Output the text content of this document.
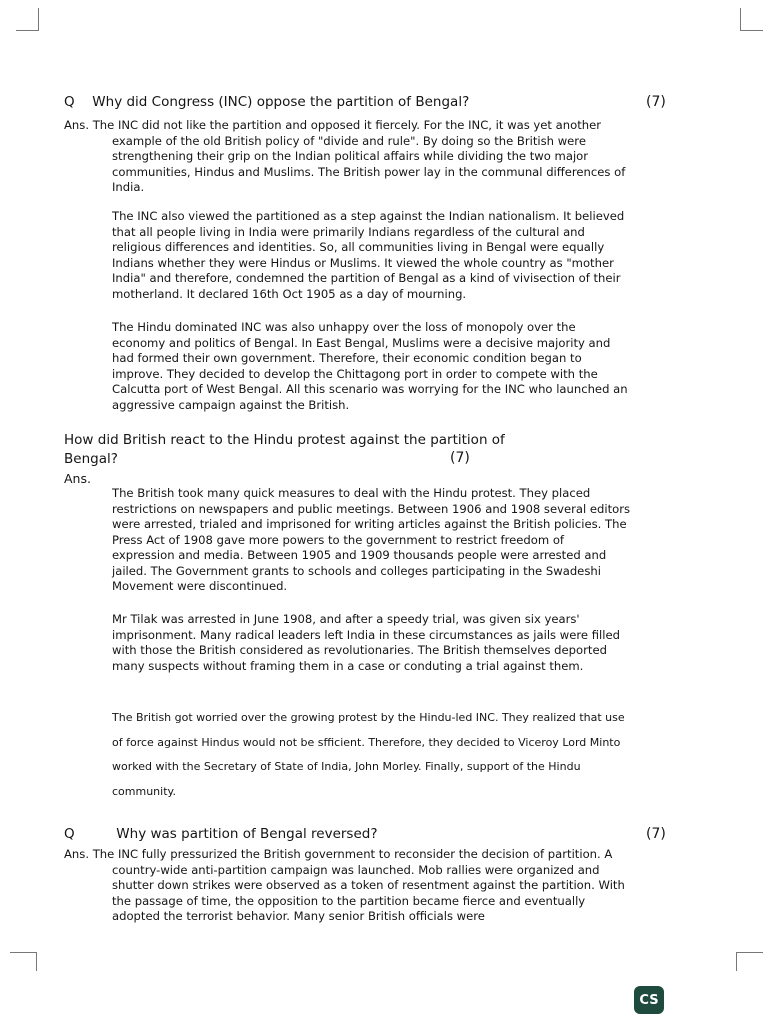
Q Why did Congress (INC) oppose the partition of Bengal?	(7)

Ans. The INC did not like the partition and opposed it fiercely. For the INC, it was yet another example of the old British policy of "divide and rule". By doing so the British were strengthening their grip on the Indian political affairs while dividing the two major communities, Hindus and Muslims. The British power lay in the communal differences of India.

The INC also viewed the partitioned as a step against the Indian nationalism. It believed that all people living in India were primarily Indians regardless of the cultural and religious differences and identities. So, all communities living in Bengal were equally Indians whether they were Hindus or Muslims. It viewed the whole country as "mother India" and therefore, condemned the partition of Bengal as a kind of vivisection of their motherland. It declared 16th Oct 1905 as a day of mourning.

The Hindu dominated INC was also unhappy over the loss of monopoly over the economy and politics of Bengal. In East Bengal, Muslims were a decisive majority and had formed their own government. Therefore, their economic condition began to improve. They decided to develop the Chittagong port in order to compete with the Calcutta port of West Bengal. All this scenario was worrying for the INC who launched an aggressive campaign against the British.

How did British react to the Hindu protest against the partition of
Bengal?	(7)
Ans.

The British took many quick measures to deal with the Hindu protest. They placed restrictions on newspapers and public meetings. Between 1906 and 1908 several editors were arrested, trialed and imprisoned for writing articles against the British policies. The Press Act of 1908 gave more powers to the government to restrict freedom of expression and media. Between 1905 and 1909 thousands people were arrested and jailed. The Government grants to schools and colleges participating in the Swadeshi Movement were discontinued.

Mr Tilak was arrested in June 1908, and after a speedy trial, was given six years' imprisonment. Many radical leaders left India in these circumstances as jails were filled with those the British considered as revolutionaries. The British themselves deported many suspects without framing them in a case or conduting a trial against them.

The British got worried over the growing protest by the Hindu-led INC. They realized that use of force against Hindus would not be sfficient. Therefore, they decided to Viceroy Lord Minto worked with the Secretary of State of India, John Morley. Finally, support of the Hindu community.

Q	Why was partition of Bengal reversed?	(7)

Ans. The INC fully pressurized the British government to reconsider the decision of partition. A country-wide anti-partition campaign was launched. Mob rallies were organized and shutter down strikes were observed as a token of resentment against the partition. With the passage of time, the opposition to the partition became fierce and eventually adopted the terrorist behavior. Many senior British officials were

CS
